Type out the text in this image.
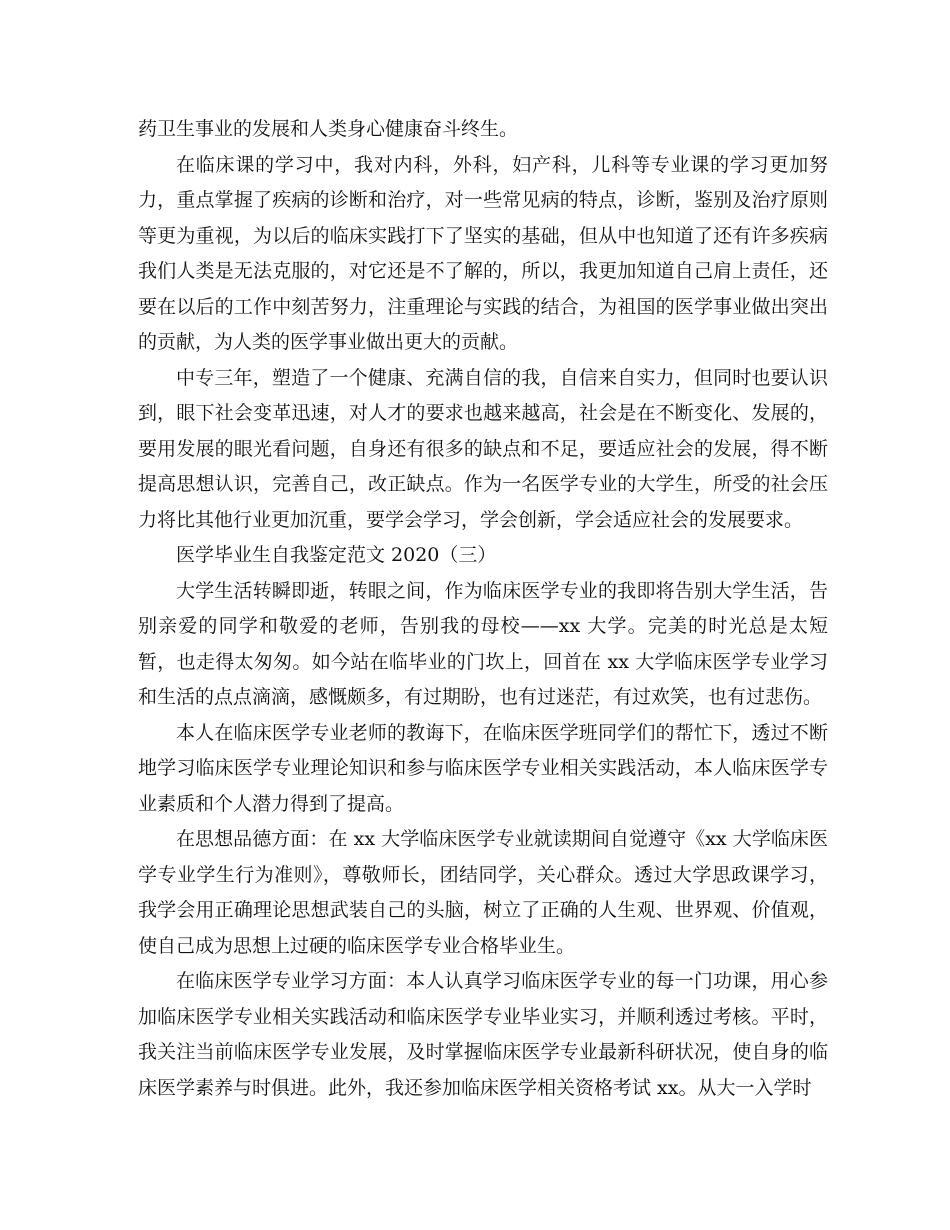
药卫生事业的发展和人类身心健康奋斗终生。

在临床课的学习中，我对内科，外科，妇产科，儿科等专业课的学习更加努力，重点掌握了疾病的诊断和治疗，对一些常见病的特点，诊断，鉴别及治疗原则等更为重视，为以后的临床实践打下了坚实的基础，但从中也知道了还有许多疾病我们人类是无法克服的，对它还是不了解的，所以，我更加知道自己肩上责任，还要在以后的工作中刻苦努力，注重理论与实践的结合，为祖国的医学事业做出突出的贡献，为人类的医学事业做出更大的贡献。

中专三年，塑造了一个健康、充满自信的我，自信来自实力，但同时也要认识到，眼下社会变革迅速，对人才的要求也越来越高，社会是在不断变化、发展的，要用发展的眼光看问题，自身还有很多的缺点和不足，要适应社会的发展，得不断提高思想认识，完善自己，改正缺点。作为一名医学专业的大学生，所受的社会压力将比其他行业更加沉重，要学会学习，学会创新，学会适应社会的发展要求。

医学毕业生自我鉴定范文 2020（三）

大学生活转瞬即逝，转眼之间，作为临床医学专业的我即将告别大学生活，告别亲爱的同学和敬爱的老师，告别我的母校——xx 大学。完美的时光总是太短暂，也走得太匆匆。如今站在临毕业的门坎上，回首在 xx 大学临床医学专业学习和生活的点点滴滴，感慨颇多，有过期盼，也有过迷茫，有过欢笑，也有过悲伤。

本人在临床医学专业老师的教诲下，在临床医学班同学们的帮忙下，透过不断地学习临床医学专业理论知识和参与临床医学专业相关实践活动，本人临床医学专业素质和个人潜力得到了提高。

在思想品德方面：在 xx 大学临床医学专业就读期间自觉遵守《xx 大学临床医学专业学生行为准则》，尊敬师长，团结同学，关心群众。透过大学思政课学习，我学会用正确理论思想武装自己的头脑，树立了正确的人生观、世界观、价值观，使自己成为思想上过硬的临床医学专业合格毕业生。

在临床医学专业学习方面：本人认真学习临床医学专业的每一门功课，用心参加临床医学专业相关实践活动和临床医学专业毕业实习，并顺利透过考核。平时，我关注当前临床医学专业发展，及时掌握临床医学专业最新科研状况，使自身的临床医学素养与时俱进。此外，我还参加临床医学相关资格考试 xx。从大一入学时
